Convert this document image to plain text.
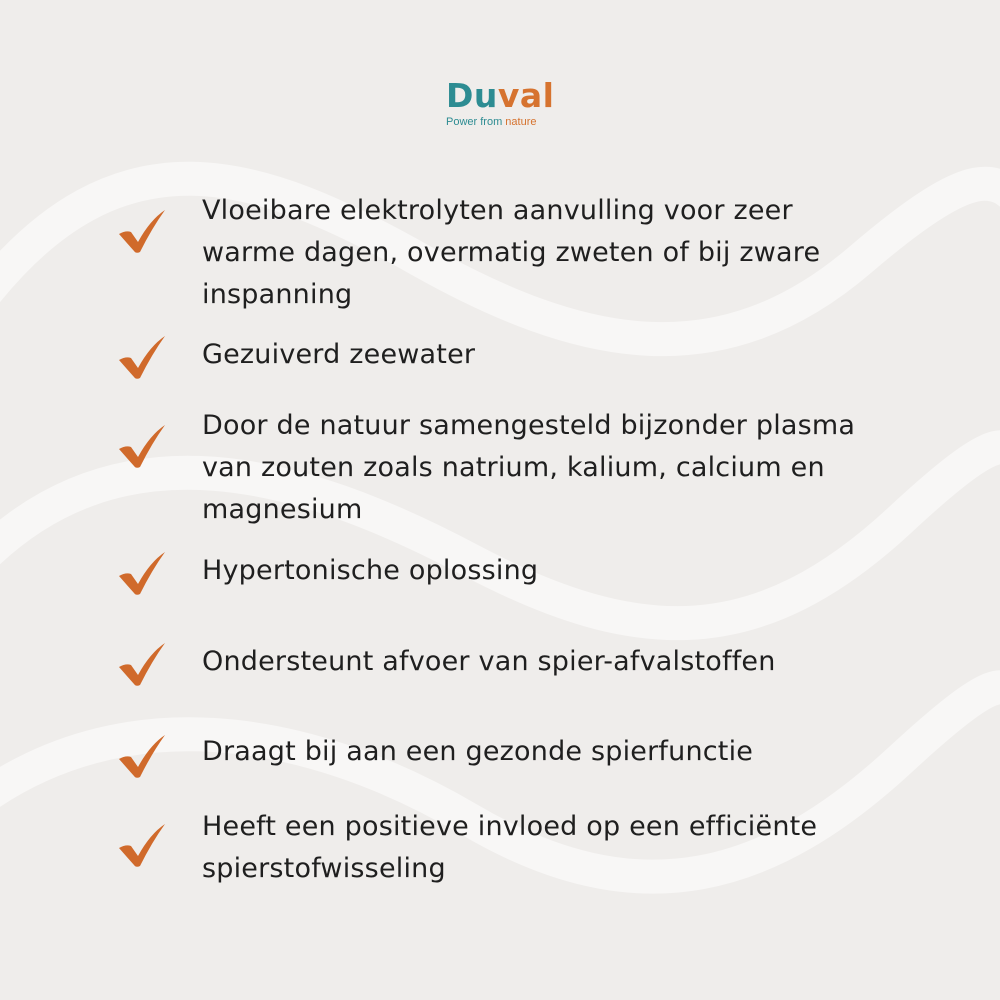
Duval
Power from nature
Vloeibare elektrolyten aanvulling voor zeer warme dagen, overmatig zweten of bij zware inspanning
Gezuiverd zeewater
Door de natuur samengesteld bijzonder plasma van zouten zoals natrium, kalium, calcium en magnesium
Hypertonische oplossing
Ondersteunt afvoer van spier-afvalstoffen
Draagt bij aan een gezonde spierfunctie
Heeft een positieve invloed op een efficiënte spierstofwisseling
